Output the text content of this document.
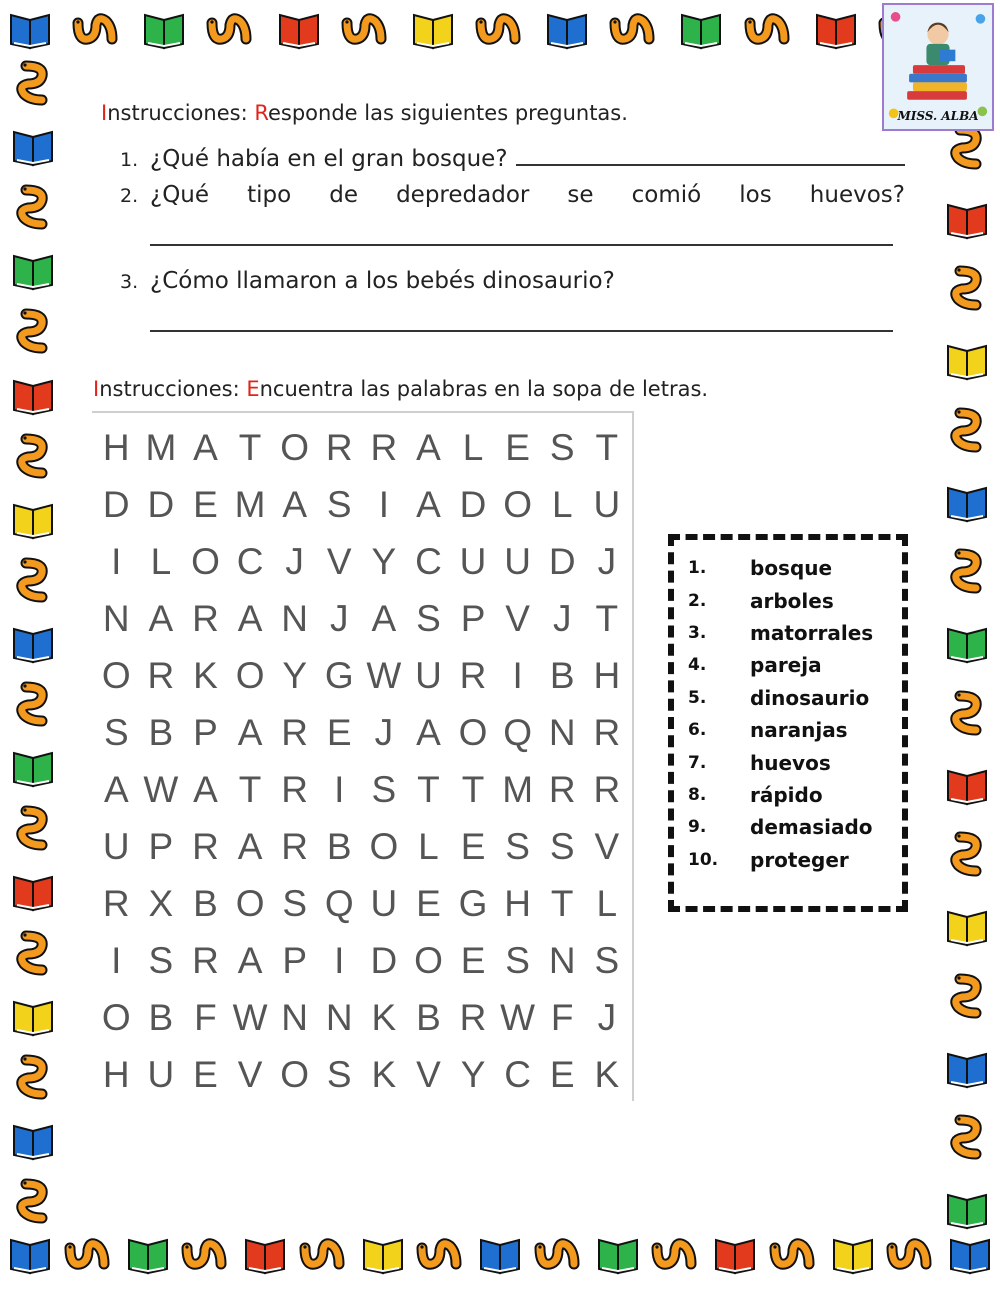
MISS. ALBA
Instrucciones: Responde las siguientes preguntas.
1. ¿Qué había en el gran bosque?
2. ¿Qué tipo de depredador se comió los huevos?
3. ¿Cómo llamaron a los bebés dinosaurio?
Instrucciones: Encuentra las palabras en la sopa de letras.
H M A T O R R A L E S T
D D E M A S I A D O L U
I L O C J V Y C U U D J
N A R A N J A S P V J T
O R K O Y G W U R I B H
S B P A R E J A O Q N R
A W A T R I S T T M R R
U P R A R B O L E S S V
R X B O S Q U E G H T L
I S R A P I D O E S N S
O B F W N N K B R W F J
H U E V O S K V Y C E K
1.	bosque
2.	arboles
3.	matorrales
4.	pareja
5.	dinosaurio
6.	naranjas
7.	huevos
8.	rápido
9.	demasiado
10.	proteger
